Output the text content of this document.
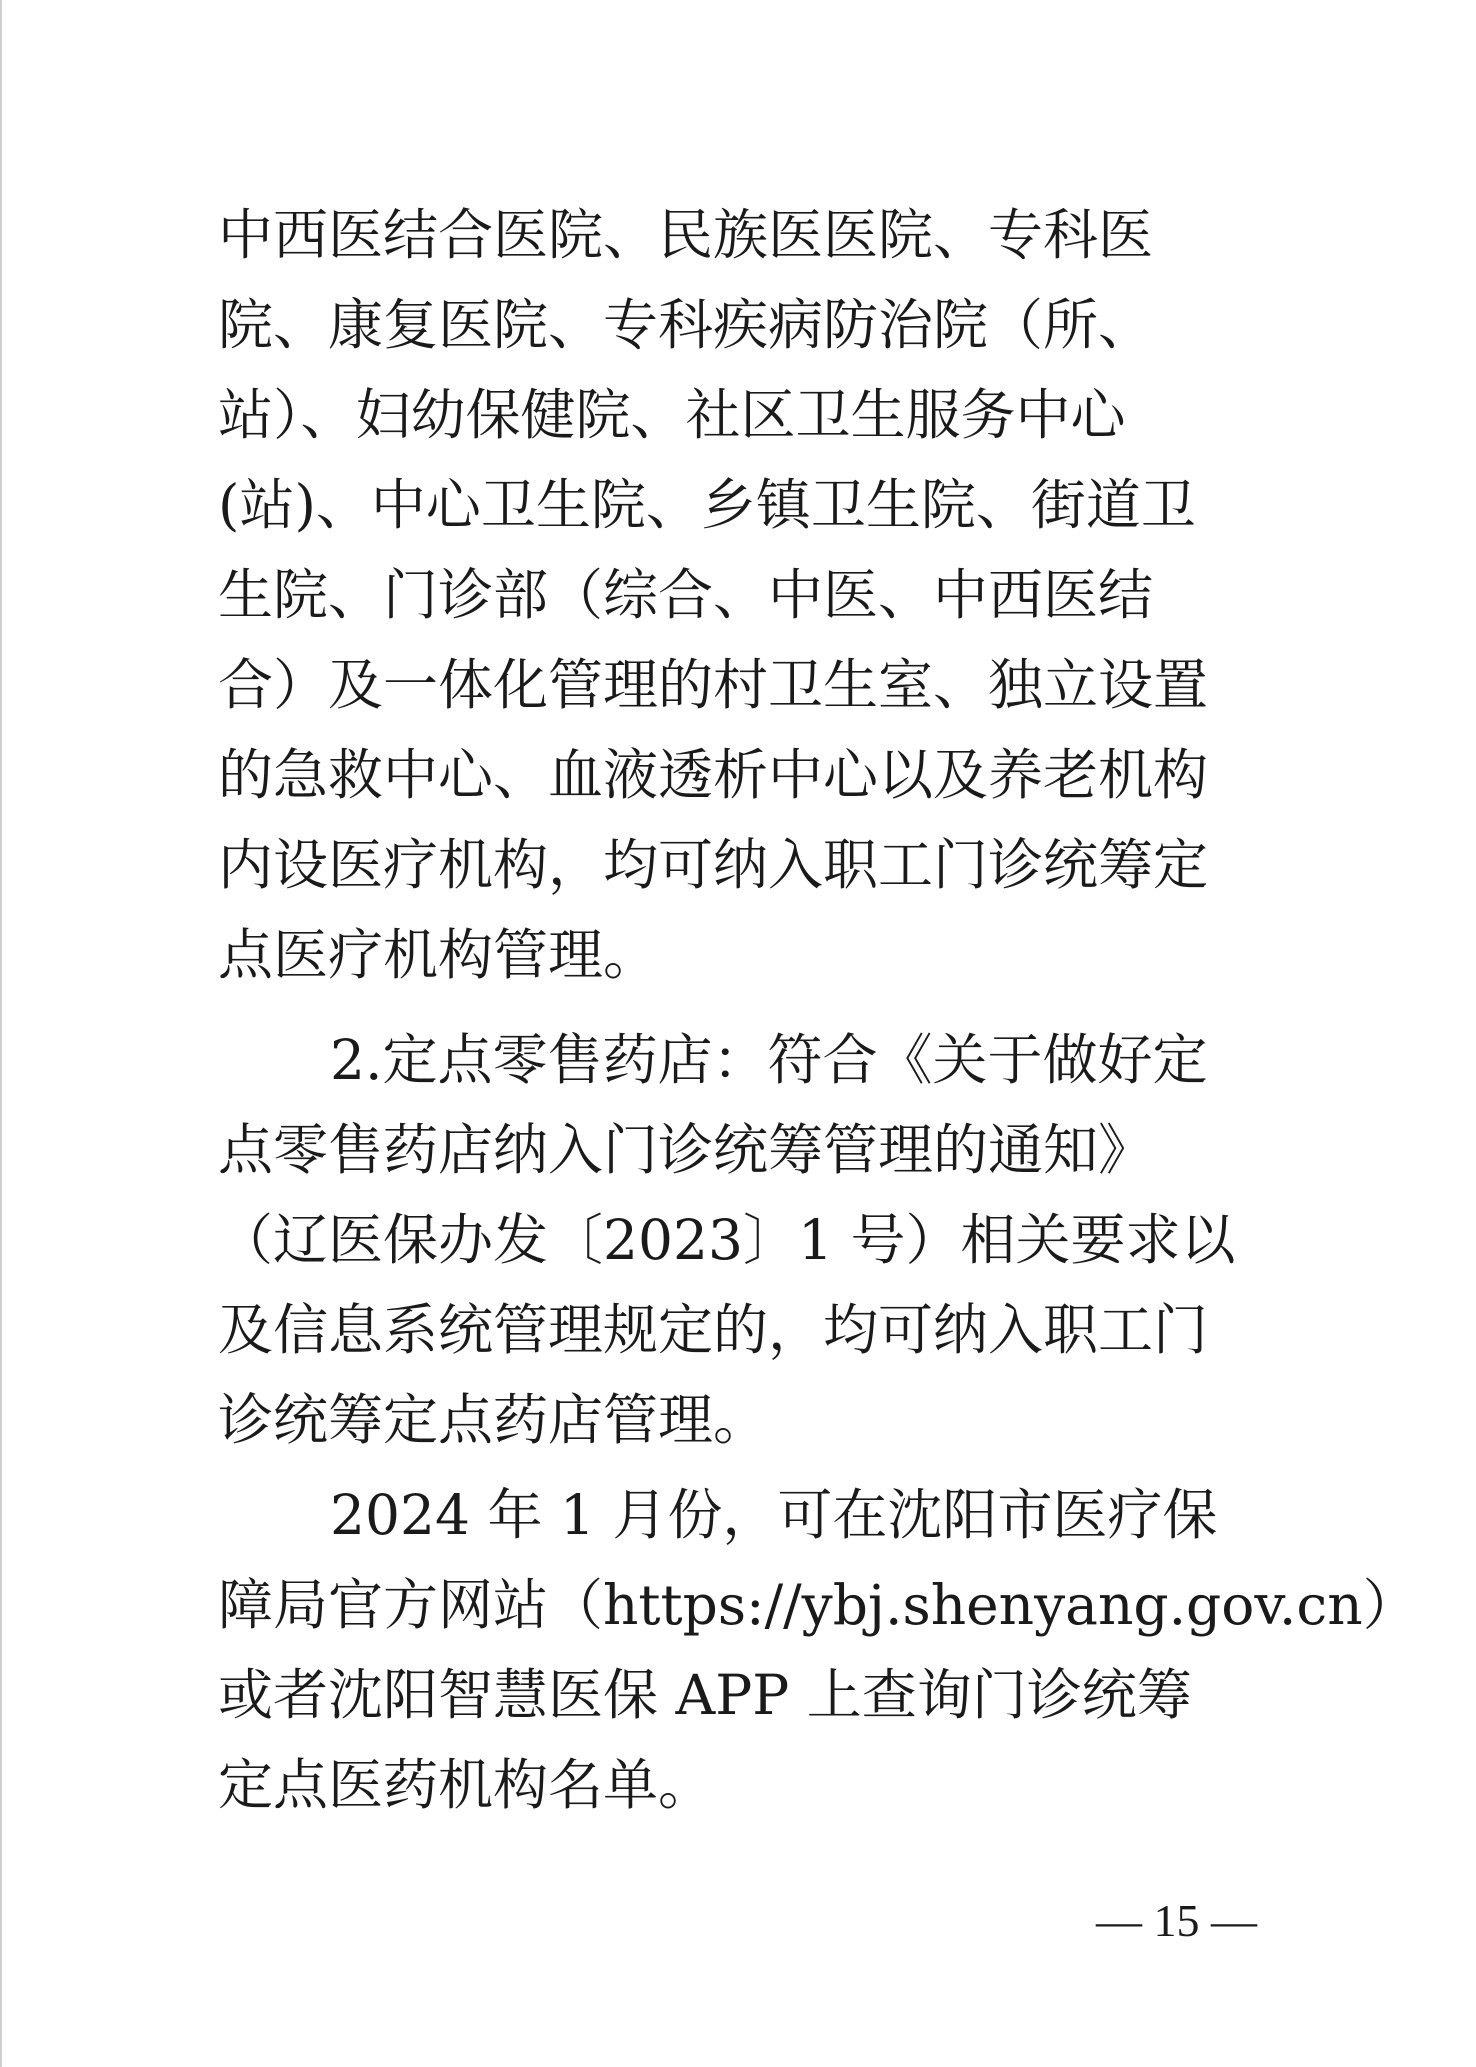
中西医结合医院、民族医医院、专科医
院、康复医院、专科疾病防治院（所、
站）、妇幼保健院、社区卫生服务中心
(站)、中心卫生院、乡镇卫生院、街道卫
生院、门诊部（综合、中医、中西医结
合）及一体化管理的村卫生室、独立设置
的急救中心、血液透析中心以及养老机构
内设医疗机构，均可纳入职工门诊统筹定
点医疗机构管理。
2.定点零售药店：符合《关于做好定
点零售药店纳入门诊统筹管理的通知》
（辽医保办发〔2023〕1 号）相关要求以
及信息系统管理规定的，均可纳入职工门
诊统筹定点药店管理。
2024 年 1 月份，可在沈阳市医疗保
障局官方网站（https://ybj.shenyang.gov.cn）
或者沈阳智慧医保 APP 上查询门诊统筹
定点医药机构名单。
— 15 —
